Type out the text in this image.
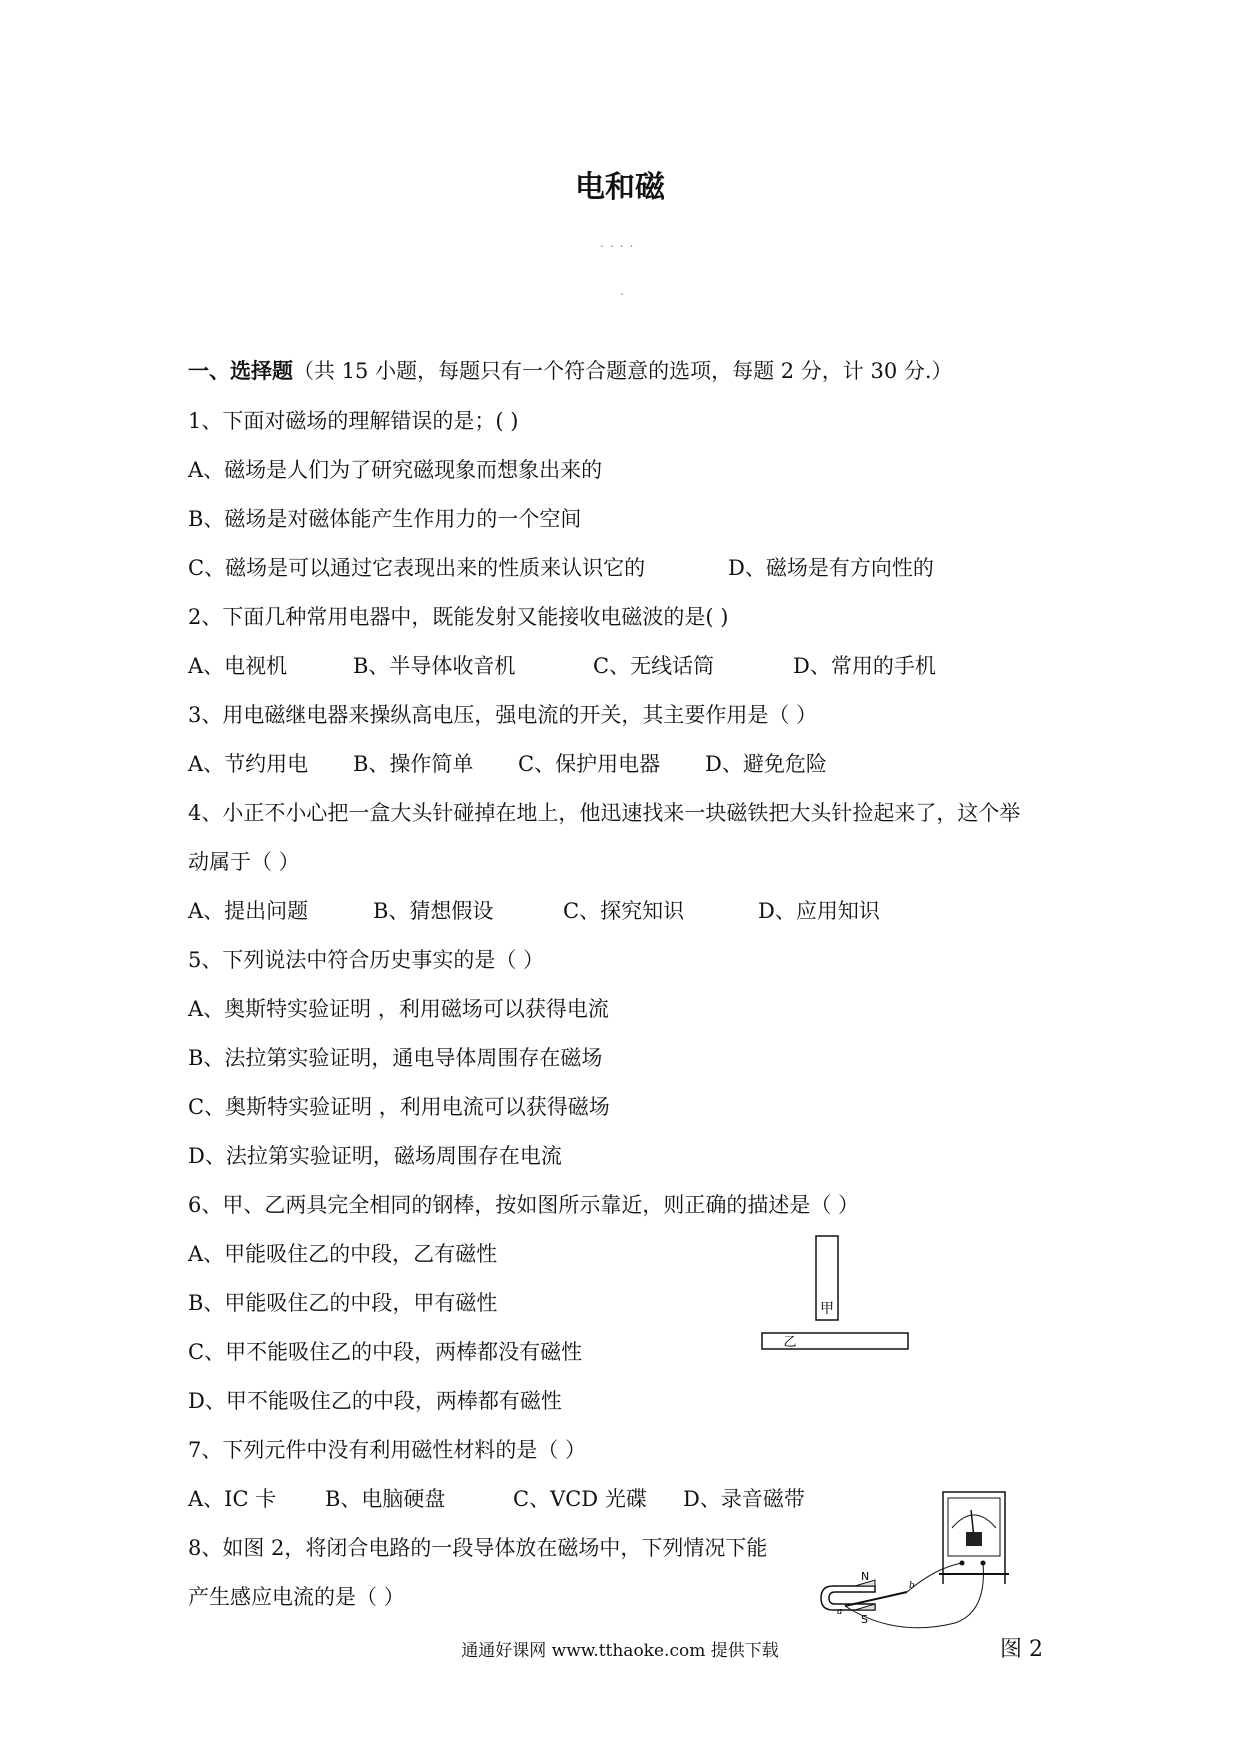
电和磁
....
.
一、选择题（共 15 小题，每题只有一个符合题意的选项，每题 2 分，计 30 分.）
1、下面对磁场的理解错误的是；( )
A、磁场是人们为了研究磁现象而想象出来的
B、磁场是对磁体能产生作用力的一个空间
C、磁场是可以通过它表现出来的性质来认识它的	D、磁场是有方向性的
2、下面几种常用电器中，既能发射又能接收电磁波的是( )
A、电视机	B、半导体收音机	C、无线话筒	D、常用的手机
3、用电磁继电器来操纵高电压，强电流的开关，其主要作用是（ ）
A、节约用电 B、操作简单 C、保护用电器 D、避免危险
4、小正不小心把一盒大头针碰掉在地上，他迅速找来一块磁铁把大头针捡起来了，这个举
动属于（ ）
A、提出问题	B、猜想假设	C、探究知识	D、应用知识
5、下列说法中符合历史事实的是（ ）
A、奥斯特实验证明 ，利用磁场可以获得电流
B、法拉第实验证明，通电导体周围存在磁场
C、奥斯特实验证明 ，利用电流可以获得磁场
D、法拉第实验证明，磁场周围存在电流
6、甲、乙两具完全相同的钢棒，按如图所示靠近，则正确的描述是（ ）
A、甲能吸住乙的中段，乙有磁性
B、甲能吸住乙的中段，甲有磁性
C、甲不能吸住乙的中段，两棒都没有磁性
D、甲不能吸住乙的中段，两棒都有磁性
甲
乙
7、下列元件中没有利用磁性材料的是（ ）
A、IC 卡 B、电脑硬盘	C、VCD 光碟 D、录音磁带
8、如图 2，将闭合电路的一段导体放在磁场中，下列情况下能
产生感应电流的是（ ）
N
S
a
b
图 2
通通好课网 www.tthaoke.com 提供下载
